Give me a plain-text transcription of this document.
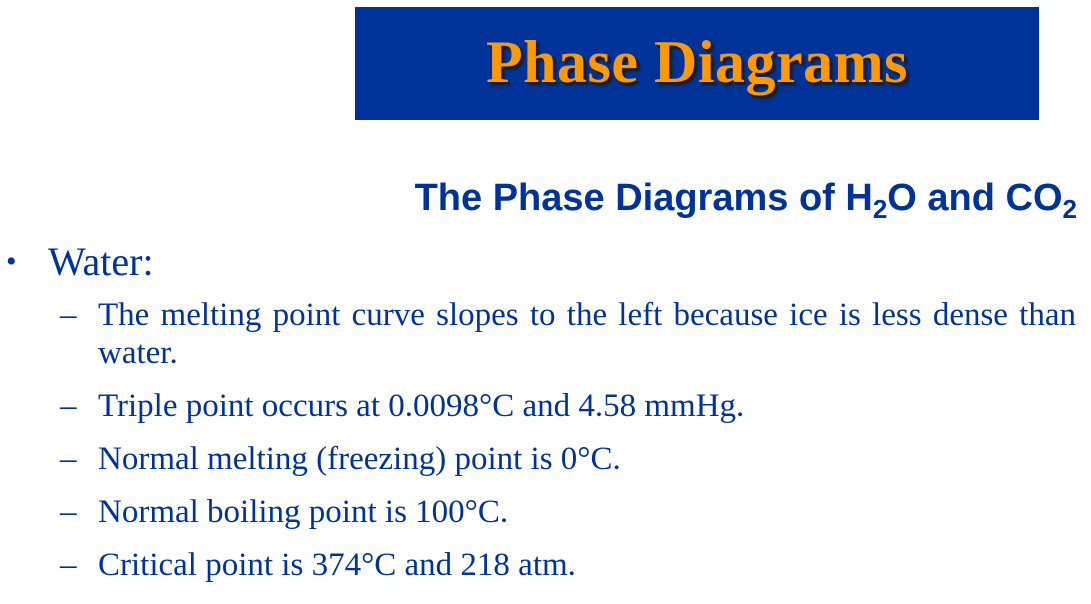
Phase Diagrams
The Phase Diagrams of $H_2O$ and $CO_2$
• Water:
– The melting point curve slopes to the left because ice is less dense than water.
– Triple point occurs at 0.0098°C and 4.58 mmHg.
– Normal melting (freezing) point is 0°C.
– Normal boiling point is 100°C.
– Critical point is 374°C and 218 atm.
